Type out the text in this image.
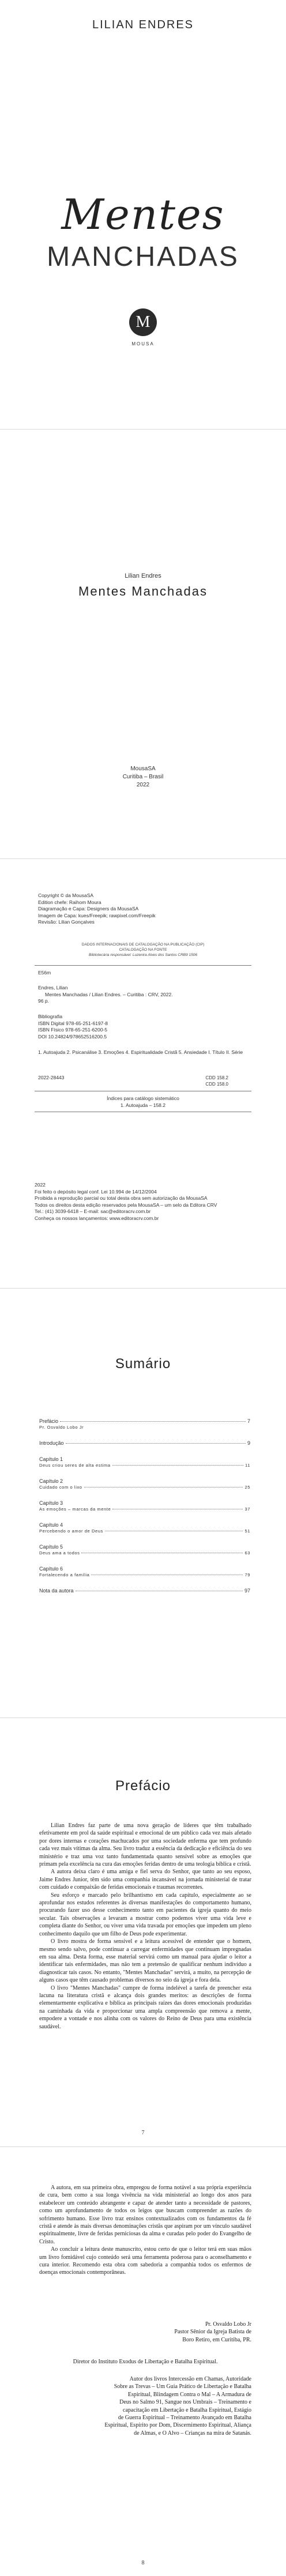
LILIAN ENDRES
Mentes
MANCHADAS
M
MOUSA
Lilian Endres
Mentes Manchadas
MousaSA
Curitiba – Brasil
2022
Copyright © da MousaSA
Edition chefe: Raihom Moura
Diagramação e Capa: Designers da MousaSA
Imagem de Capa: kues/Freepik; rawpixel.com/Freepik
Revisão: Lilian Gonçalves
DADOS INTERNACIONAIS DE CATALOGAÇÃO NA PUBLICAÇÃO (CIP)
CATALOGAÇÃO NA FONTE
Bibliotecária responsável: Luzenira Alves dos Santos CRB9 1506
E56m
Endres, Lilian
Mentes Manchadas / Lilian Endres. – Curitiba : CRV, 2022.
96 p.
Bibliografia
ISBN Digital 978-65-251-6197-8
ISBN Físico 978-65-251-6200-5
DOI 10.24824/978652516200.5
1. Autoajuda 2. Psicanálise 3. Emoções 4. Espiritualidade Cristã 5. Ansiedade I. Título II. Série
2022-28443	CDD 158.2
CDD 158.0
Índices para catálogo sistemático
1. Autoajuda – 158.2
2022
Foi feito o depósito legal conf. Lei 10.994 de 14/12/2004
Proibida a reprodução parcial ou total desta obra sem autorização da MousaSA
Todos os direitos desta edição reservados pela MousaSA – um selo da Editora CRV
Tel.: (41) 3039-6418 – E-mail: sac@editoracrv.com.br
Conheça os nossos lançamentos: www.editoracrv.com.br
Sumário
Prefácio	7
Pr. Osvaldo Lobo Jr
Introdução	9
Capítulo 1
Deus criou seres de alta estima	11
Capítulo 2
Cuidado com o lixo	25
Capítulo 3
As emoções – marcas da mente	37
Capítulo 4
Percebendo o amor de Deus	51
Capítulo 5
Deus ama a todos	63
Capítulo 6
Fortalecendo a família	79
Nota da autora	97
Prefácio

Lilian Endres faz parte de uma nova geração de líderes que têm trabalhado efetivamente em prol da saúde espiritual e emocional de um público cada vez mais afetado por dores internas e corações machucados por uma sociedade enferma que tem profundo cada vez mais vítimas da alma. Seu livro traduz a essência da dedicação e eficiência do seu ministério e traz uma voz tanto fundamentada quanto sensível sobre as emoções que primam pela excelência na cura das emoções feridas dentro de uma teologia bíblica e cristã.

A autora deixa claro é uma amiga e fiel serva do Senhor, que tanto ao seu esposo, Jaime Endres Junior, têm sido uma companhia incansável na jornada ministerial de tratar com cuidado e compaixão de feridas emocionais e traumas recorrentes.

Seu esforço e marcado pelo brilhantismo em cada capítulo, especialmente ao se aprofundar nos estudos referentes às diversas manifestações do comportamento humano, procurando fazer uso desse conhecimento tanto em pacientes da igreja quanto do meio secular. Tais observações a levaram a mostrar como podemos viver uma vida leve e completa diante do Senhor, ou viver uma vida travada por emoções que impedem um pleno conhecimento daquilo que um filho de Deus pode experimentar.

O livro mostra de forma sensível e a leitura acessível de entender que o homem, mesmo sendo salvo, pode continuar a carregar enfermidades que continuam impregnadas em sua alma. Desta forma, esse material servirá como um manual para ajudar o leitor a identificar tais enfermidades, mas não tem a pretensão de qualificar nenhum indivíduo a diagnosticar tais casos. No entanto, "Mentes Manchadas" servirá, a muito, na percepção de alguns casos que têm causado problemas diversos no seio da igreja e fora dela.

O livro "Mentes Manchadas" cumpre de forma indelével a tarefa de preencher esta lacuna na literatura cristã e alcança dois grandes meritos: as descrições de forma elementarmente explicativa e bíblica as principais raízes das dores emocionais produzidas na caminhada da vida e proporcionar uma ampla compreensão que remova a mente, empodere a vontade e nos alinha com os valores do Reino de Deus para uma existência saudável.

7

A autora, em sua primeira obra, empregou de forma notável a sua própria experiência de cura, bem como a sua longa vivência na vida ministerial ao longo dos anos para estabelecer um conteúdo abrangente e capaz de atender tanto a necessidade de pastores, como um aprofundamento de todos os leigos que buscam compreender as razões do sofrimento humano. Esse livro traz ensinos contextualizados com os fundamentos da fé cristã e atende às mais diversas denominações cristãs que aspiram por um vínculo saudável espiritualmente, livre de feridas perniciosas da alma e curadas pelo poder do Evangelho de Cristo.

Ao concluir a leitura deste manuscrito, estou certo de que o leitor terá em suas mãos um livro fomidável cujo conteúdo será uma ferramenta poderosa para o aconselhamento e cura interior. Recomendo esta obra com sabedoria a companhia todos os enfermos de doenças emocionais contemporâneas.

Pr. Osvaldo Lobo Jr
Pastor Sênior da Igreja Batista de
Boro Retiro, em Curitiba, PR.
Diretor do Instituto Exodus de Libertação e Batalha Espiritual.
Autor dos livros Intercessão em Chamas, Autoridade
Sobre as Trevas – Um Guia Prático de Libertação e Batalha
Espiritual, Blindagem Contra o Mal – A Armadura de
Deus no Salmo 91, Sangue nos Umbrais – Treinamento e
capacitação em Libertação e Batalha Espiritual, Estágio
de Guerra Espiritual – Treinamento Avançado em Batalha
Espiritual, Espírito por Dom, Discernimento Espiritual, Aliança
de Almas, e O Alvo – Crianças na mira de Satanás.
8
